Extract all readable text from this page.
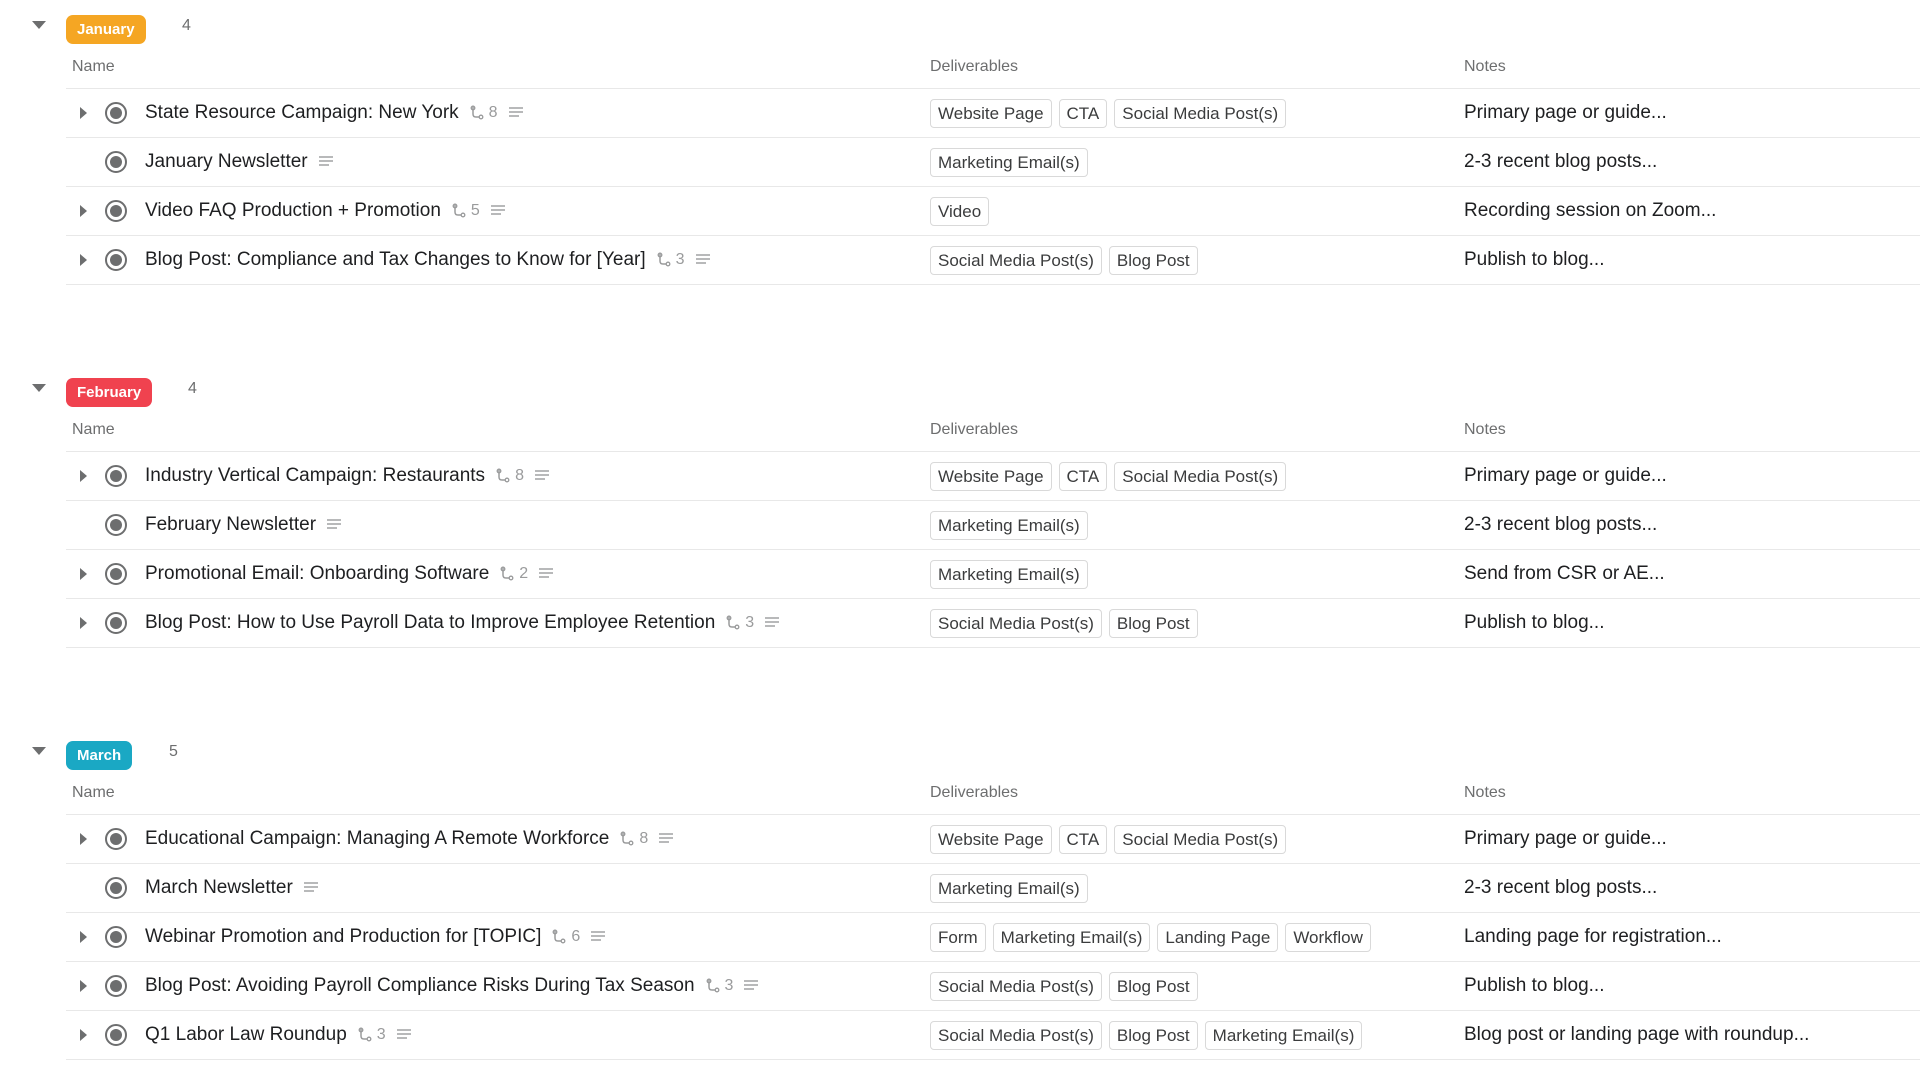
January	4
Name	Deliverables	Notes
State Resource Campaign: New York 8	Website Page	CTA	Social Media Post(s)	Primary page or guide...
January Newsletter	Marketing Email(s)	2-3 recent blog posts...
Video FAQ Production + Promotion 5	Video	Recording session on Zoom...
Blog Post: Compliance and Tax Changes to Know for [Year] 3	Social Media Post(s)	Blog Post	Publish to blog...
February	4
Name	Deliverables	Notes
Industry Vertical Campaign: Restaurants 8	Website Page	CTA	Social Media Post(s)	Primary page or guide...
February Newsletter	Marketing Email(s)	2-3 recent blog posts...
Promotional Email: Onboarding Software 2	Marketing Email(s)	Send from CSR or AE...
Blog Post: How to Use Payroll Data to Improve Employee Retention 3	Social Media Post(s)	Blog Post	Publish to blog...
March	5
Name	Deliverables	Notes
Educational Campaign: Managing A Remote Workforce 8	Website Page	CTA	Social Media Post(s)	Primary page or guide...
March Newsletter	Marketing Email(s)	2-3 recent blog posts...
Webinar Promotion and Production for [TOPIC] 6	Form	Marketing Email(s)	Landing Page	Workflow	Landing page for registration...
Blog Post: Avoiding Payroll Compliance Risks During Tax Season 3	Social Media Post(s)	Blog Post	Publish to blog...
Q1 Labor Law Roundup 3	Social Media Post(s)	Blog Post	Marketing Email(s)	Blog post or landing page with roundup...
